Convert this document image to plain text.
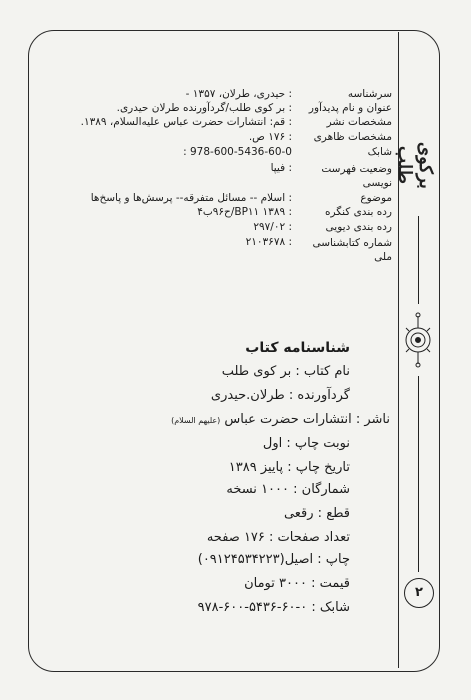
برکوی طلب
۲
سرشناسه
: حیدری، طرلان، ۱۳۵۷ -
عنوان و نام پدیدآور
: بر کوی طلب/گردآورنده طرلان حیدری.
مشخصات نشر
: قم: انتشارات حضرت عباس علیه‌السلام، ۱۳۸۹.
مشخصات ظاهری
: ۱۷۶ ص.
شابک
: 978-600-5436-60-0
وضعیت فهرست نویسی
: فیپا
موضوع
: اسلام -- مسائل متفرقه-- پرسش‌ها و پاسخ‌ها
رده بندی کنگره
: ۱۳۸۹ BP۱۱/ح۹۶ب۴
رده بندی دیویی
: ۲۹۷/۰۲
شماره کتابشناسی ملی
: ۲۱۰۳۶۷۸
شناسنامه کتاب
نام کتاب : بر کوی طلب
گردآورنده : طرلان.حیدری
ناشر : انتشارات حضرت عباس (علیهم السلام)
نوبت چاپ : اول
تاریخ چاپ : پاییز ۱۳۸۹
شمارگان : ۱۰۰۰ نسخه
قطع : رقعی
تعداد صفحات : ۱۷۶ صفحه
چاپ : اصیل(۰۹۱۲۴۵۳۴۲۲۳)
قیمت : ۳۰۰۰ تومان
شابک : ۰-۶۰-۵۴۳۶-۶۰۰-۹۷۸
